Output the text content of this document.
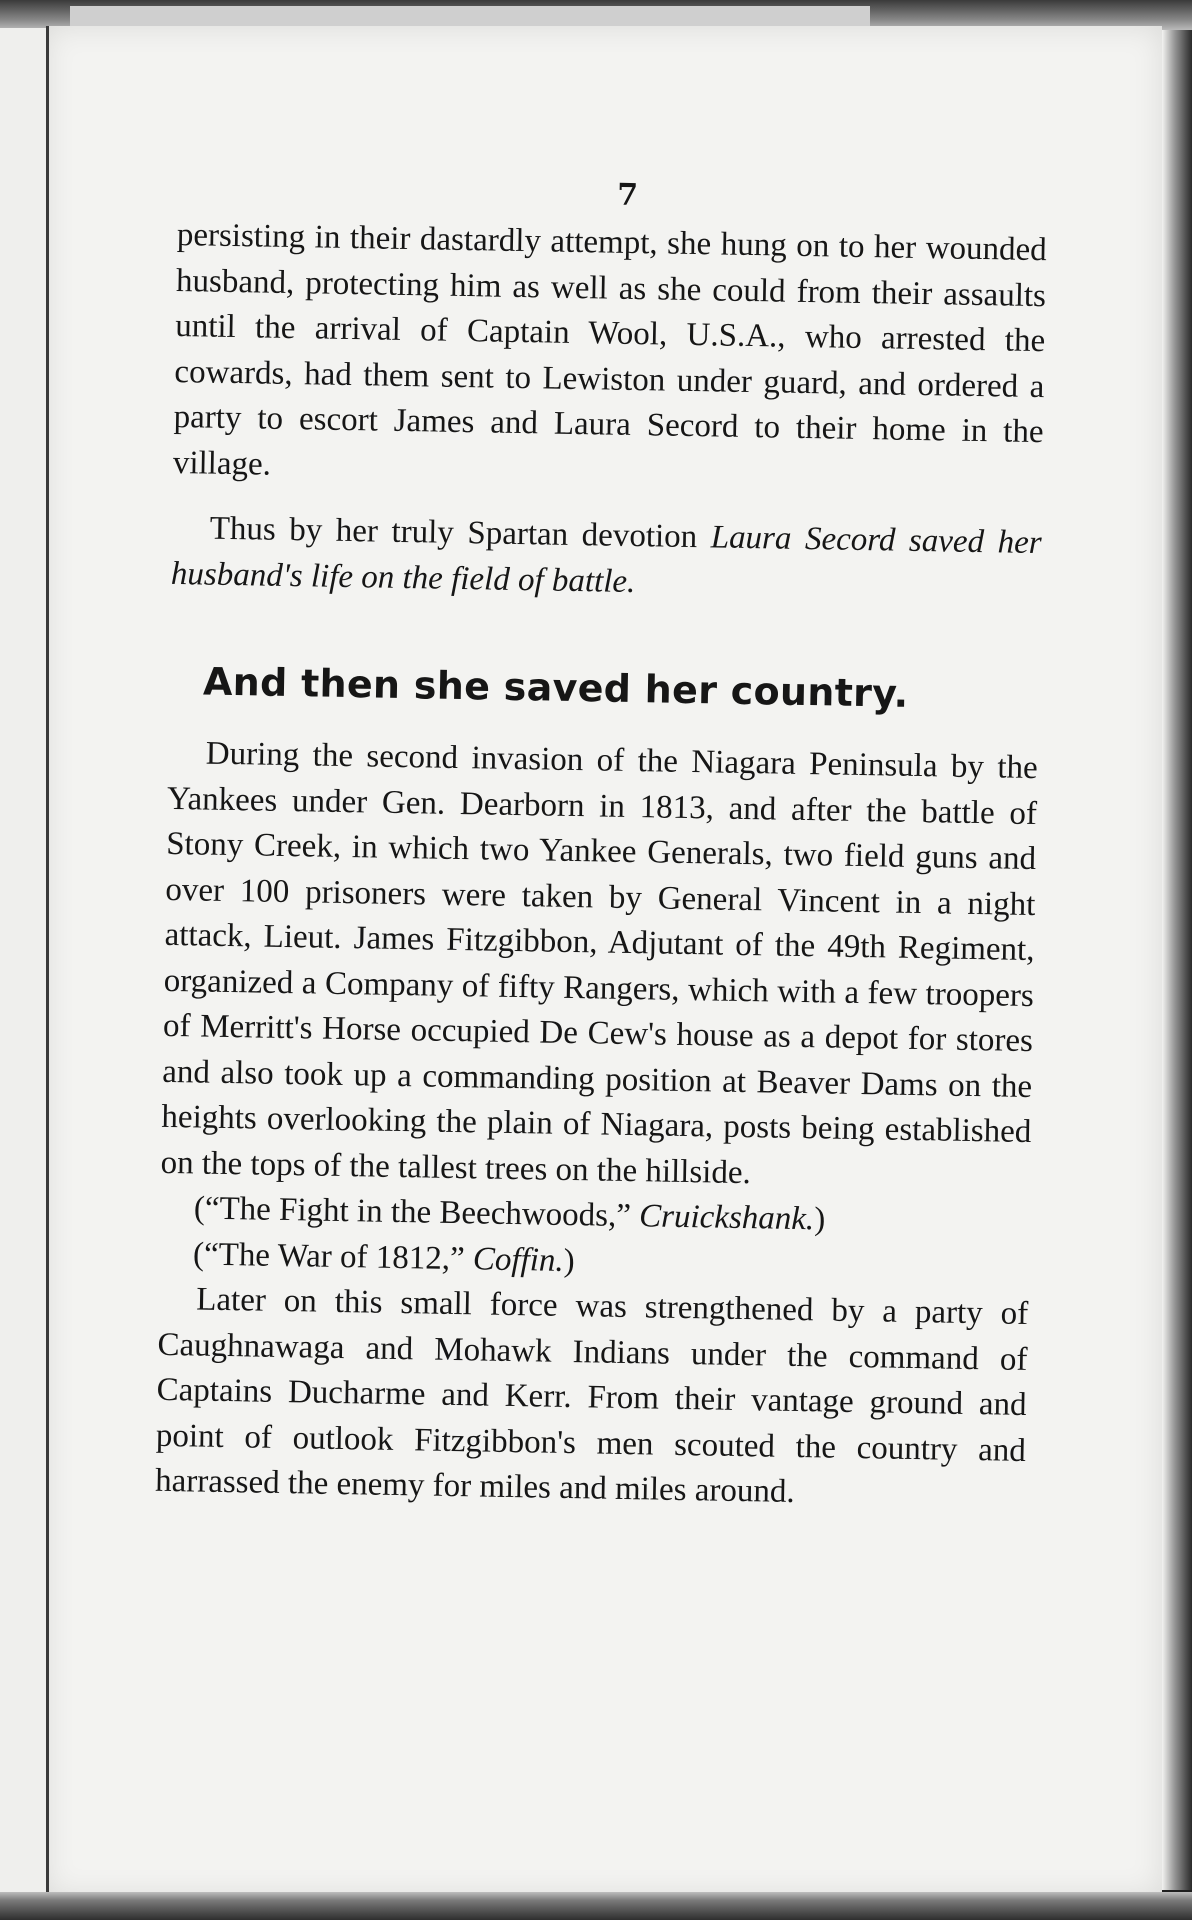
7

persisting in their dastardly attempt, she hung on to her wounded husband, protecting him as well as she could from their assaults until the arrival of Captain Wool, U.S.A., who arrested the cowards, had them sent to Lewiston under guard, and ordered a party to escort James and Laura Secord to their home in the village.

Thus by her truly Spartan devotion Laura Secord saved her husband's life on the field of battle.

And then she saved her country.

During the second invasion of the Niagara Peninsula by the Yankees under Gen. Dearborn in 1813, and after the battle of Stony Creek, in which two Yankee Generals, two field guns and over 100 prisoners were taken by General Vincent in a night attack, Lieut. James Fitzgibbon, Adjutant of the 49th Regiment, organized a Company of fifty Rangers, which with a few troopers of Merritt's Horse occupied De Cew's house as a depot for stores and also took up a commanding position at Beaver Dams on the heights overlooking the plain of Niagara, posts being established on the tops of the tallest trees on the hillside.

(“The Fight in the Beechwoods,” Cruickshank.)
(“The War of 1812,” Coffin.)

Later on this small force was strengthened by a party of Caughnawaga and Mohawk Indians under the command of Captains Ducharme and Kerr. From their vantage ground and point of outlook Fitzgibbon's men scouted the country and harrassed the enemy for miles and miles around.
